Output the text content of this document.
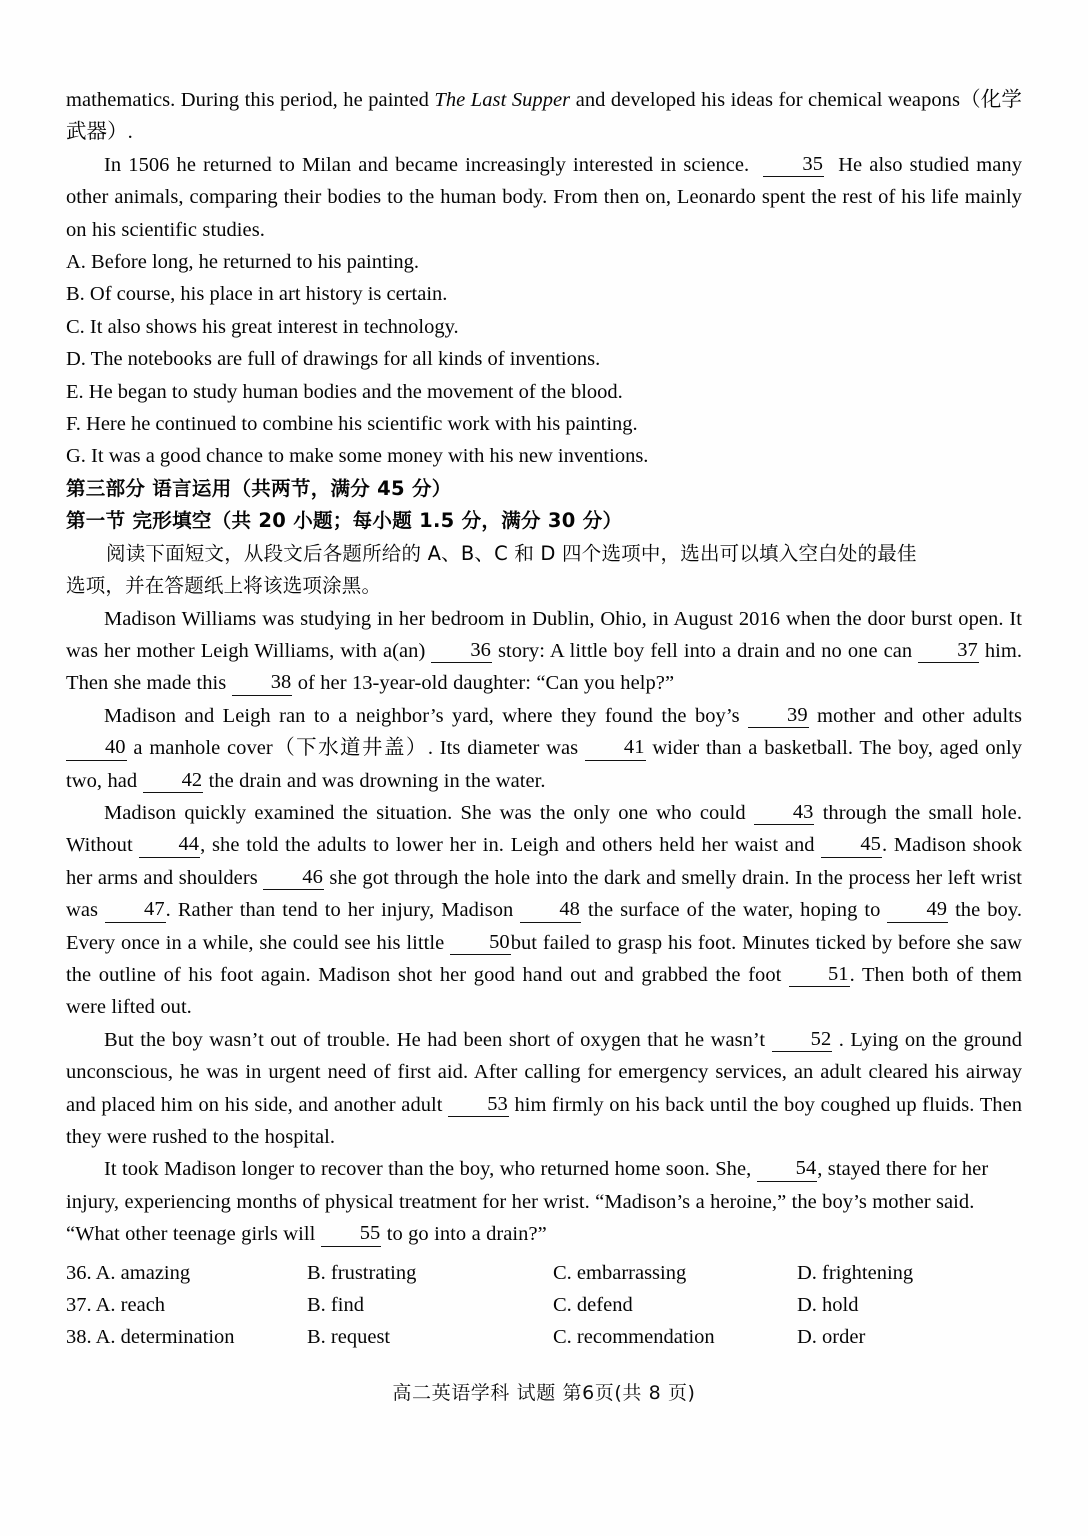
mathematics. During this period, he painted The Last Supper and developed his ideas for chemical weapons（化学武器）.

In 1506 he returned to Milan and became increasingly interested in science.	35 He also studied many other animals, comparing their bodies to the human body. From then on, Leonardo spent the rest of his life mainly on his scientific studies.

A. Before long, he returned to his painting.

B. Of course, his place in art history is certain.

C. It also shows his great interest in technology.

D. The notebooks are full of drawings for all kinds of inventions.

E. He began to study human bodies and the movement of the blood.

F. Here he continued to combine his scientific work with his painting.

G. It was a good chance to make some money with his new inventions.

第三部分 语言运用（共两节，满分 45 分）

第一节 完形填空（共 20 小题；每小题 1.5 分，满分 30 分）

阅读下面短文，从段文后各题所给的 A、B、C 和 D 四个选项中，选出可以填入空白处的最佳

选项，并在答题纸上将该选项涂黑。

Madison Williams was studying in her bedroom in Dublin, Ohio, in August 2016 when the door burst open. It was her mother Leigh Williams, with a(an) 36 story: A little boy fell into a drain and no one can 37 him. Then she made this 38 of her 13-year-old daughter: “Can you help?”

Madison and Leigh ran to a neighbor’s yard, where they found the boy’s 39 mother and other adults 40 a manhole cover（下水道井盖）. Its diameter was 41 wider than a basketball. The boy, aged only two, had 42 the drain and was drowning in the water.

Madison quickly examined the situation. She was the only one who could 43 through the small hole. Without 44, she told the adults to lower her in. Leigh and others held her waist and 45. Madison shook her arms and shoulders 46 she got through the hole into the dark and smelly drain. In the process her left wrist was 47. Rather than tend to her injury, Madison 48 the surface of the water, hoping to 49 the boy. Every once in a while, she could see his little 50but failed to grasp his foot. Minutes ticked by before she saw the outline of his foot again. Madison shot her good hand out and grabbed the foot 51. Then both of them were lifted out.

But the boy wasn’t out of trouble. He had been short of oxygen that he wasn’t 52 . Lying on the ground unconscious, he was in urgent need of first aid. After calling for emergency services, an adult cleared his airway and placed him on his side, and another adult 53 him firmly on his back until the boy coughed up fluids. Then they were rushed to the hospital.

It took Madison longer to recover than the boy, who returned home soon. She, 54, stayed there for her injury, experiencing months of physical treatment for her wrist. “Madison’s a heroine,” the boy’s mother said. “What other teenage girls will 55 to go into a drain?”

36. A. amazing	B. frustrating	C. embarrassing	D. frightening
37. A. reach	B. find	C. defend	D. hold
38. A. determination	B. request	C. recommendation	D. order
高二英语学科 试题 第6页(共 8 页)
